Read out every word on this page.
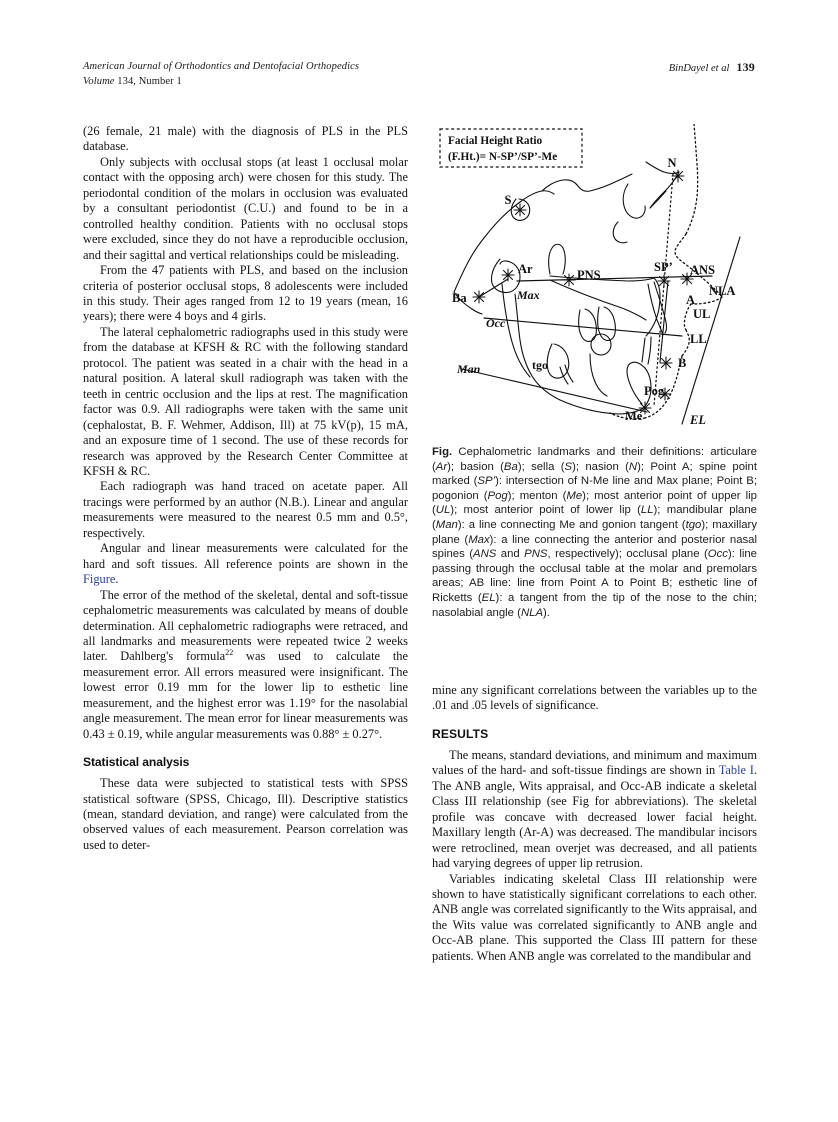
American Journal of Orthodontics and Dentofacial Orthopedics
Volume 134, Number 1
BinDayel et al 139

(26 female, 21 male) with the diagnosis of PLS in the PLS database.

Only subjects with occlusal stops (at least 1 occlusal molar contact with the opposing arch) were chosen for this study. The periodontal condition of the molars in occlusion was evaluated by a consultant periodontist (C.U.) and found to be in a controlled healthy condition. Patients with no occlusal stops were excluded, since they do not have a reproducible occlusion, and their sagittal and vertical relationships could be misleading.

From the 47 patients with PLS, and based on the inclusion criteria of posterior occlusal stops, 8 adolescents were included in this study. Their ages ranged from 12 to 19 years (mean, 16 years); there were 4 boys and 4 girls.

The lateral cephalometric radiographs used in this study were from the database at KFSH & RC with the following standard protocol. The patient was seated in a chair with the head in a natural position. A lateral skull radiograph was taken with the teeth in centric occlusion and the lips at rest. The magnification factor was 0.9. All radiographs were taken with the same unit (cephalostat, B. F. Wehmer, Addison, Ill) at 75 kV(p), 15 mA, and an exposure time of 1 second. The use of these records for research was approved by the Research Center Committee at KFSH & RC.

Each radiograph was hand traced on acetate paper. All tracings were performed by an author (N.B.). Linear and angular measurements were measured to the nearest 0.5 mm and 0.5°, respectively.

Angular and linear measurements were calculated for the hard and soft tissues. All reference points are shown in the Figure.

The error of the method of the skeletal, dental and soft-tissue cephalometric measurements was calculated by means of double determination. All cephalometric radiographs were retraced, and all landmarks and measurements were repeated twice 2 weeks later. Dahlberg's formula$^{22}$ was used to calculate the measurement error. All errors measured were insignificant. The lowest error 0.19 mm for the lower lip to esthetic line measurement, and the highest error was 1.19° for the nasolabial angle measurement. The mean error for linear measurements was 0.43 ± 0.19, while angular measurements was 0.88° ± 0.27°.

Statistical analysis

These data were subjected to statistical tests with SPSS statistical software (SPSS, Chicago, Ill). Descriptive statistics (mean, standard deviation, and range) were calculated from the observed values of each measurement. Pearson correlation was used to deter-

Facial Height Ratio
(F.Ht.)= N-SP’/SP’-Me
S
N
Ar
Ba
PNS
SP’ ANS
NLA
A
UL
LL
B
Pog
Me	EL
Max
Occ
Man	tgo
Fig. Cephalometric landmarks and their definitions: articulare (Ar); basion (Ba); sella (S); nasion (N); Point A; spine point marked (SP’): intersection of N-Me line and Max plane; Point B; pogonion (Pog); menton (Me); most anterior point of upper lip (UL); most anterior point of lower lip (LL); mandibular plane (Man): a line connecting Me and gonion tangent (tgo); maxillary plane (Max): a line connecting the anterior and posterior nasal spines (ANS and PNS, respectively); occlusal plane (Occ): line passing through the occlusal table at the molar and premolars areas; AB line: line from Point A to Point B; esthetic line of Ricketts (EL): a tangent from the tip of the nose to the chin; nasolabial angle (NLA).

mine any significant correlations between the variables up to the .01 and .05 levels of significance.

RESULTS

The means, standard deviations, and minimum and maximum values of the hard- and soft-tissue findings are shown in Table I. The ANB angle, Wits appraisal, and Occ-AB indicate a skeletal Class III relationship (see Fig for abbreviations). The skeletal profile was concave with decreased lower facial height. Maxillary length (Ar-A) was decreased. The mandibular incisors were retroclined, mean overjet was decreased, and all patients had varying degrees of upper lip retrusion.

Variables indicating skeletal Class III relationship were shown to have statistically significant correlations to each other. ANB angle was correlated significantly to the Wits appraisal, and the Wits value was correlated significantly to ANB angle and Occ-AB plane. This supported the Class III pattern for these patients. When ANB angle was correlated to the mandibular and
